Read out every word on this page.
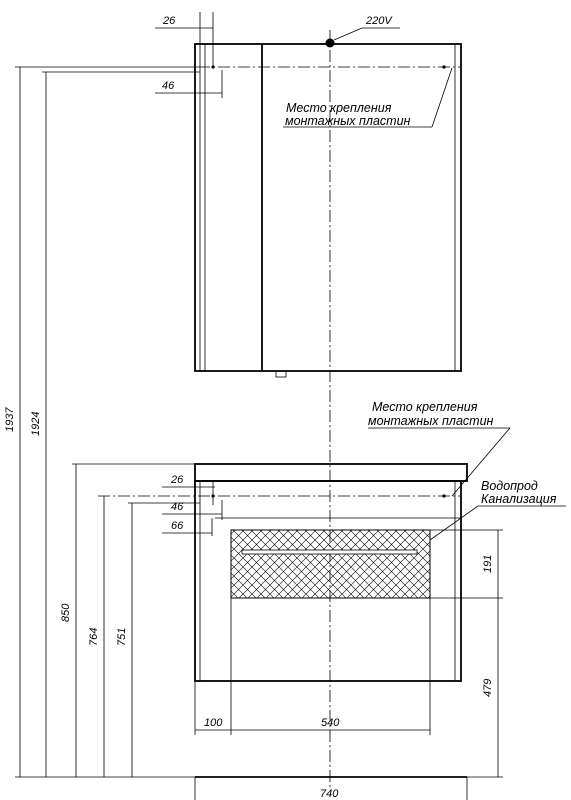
220V
26
46
Место крепления
монтажных пластин
Место крепления
монтажных пластин
Водопрод
Канализация
26
46
66
191
479
100	540
740
1937 1924
850
764 751
